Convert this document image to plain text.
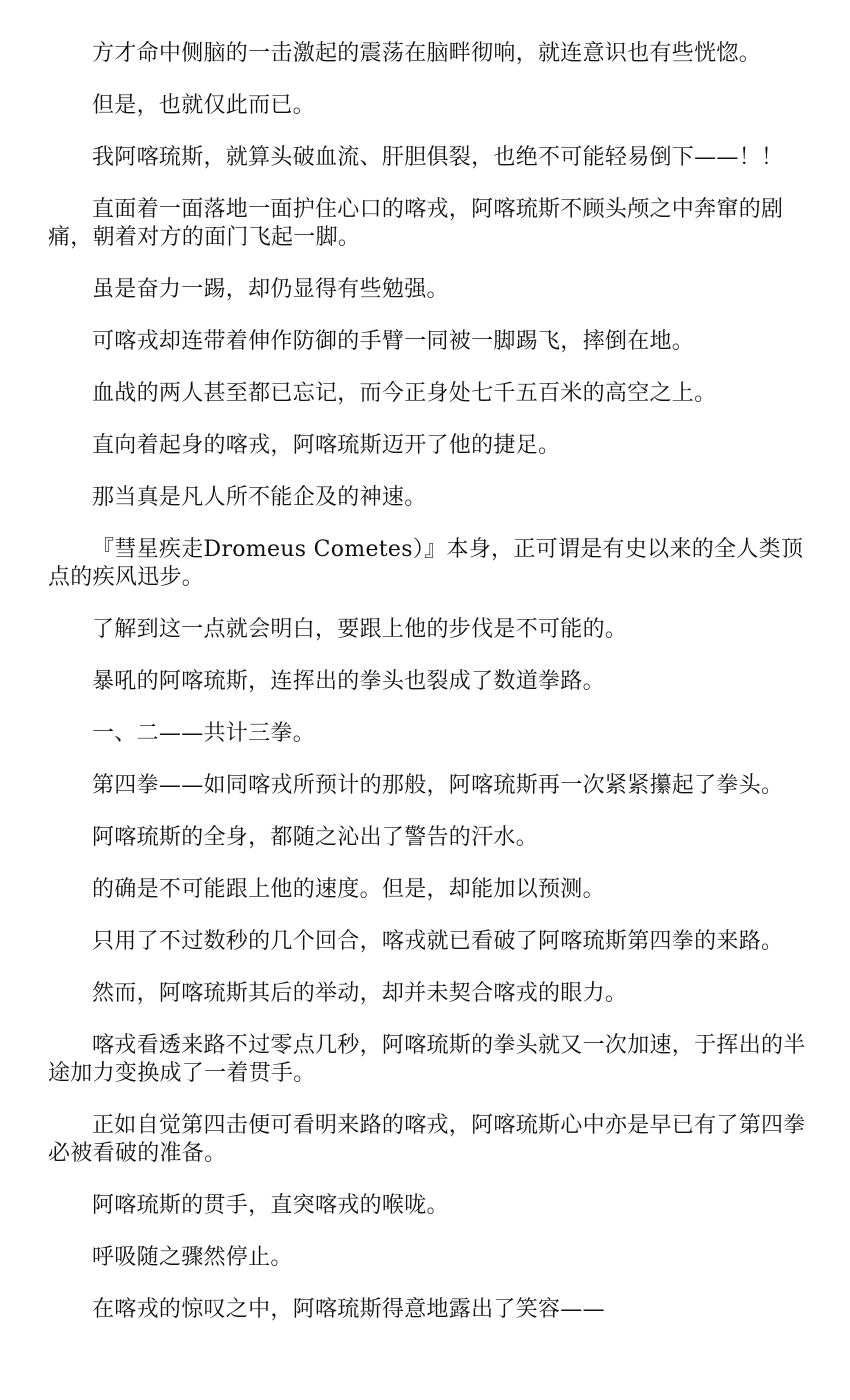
方才命中侧脑的一击激起的震荡在脑畔彻响，就连意识也有些恍惚。

但是，也就仅此而已。

我阿喀琉斯，就算头破血流、肝胆俱裂，也绝不可能轻易倒下——！！

直面着一面落地一面护住心口的喀戎，阿喀琉斯不顾头颅之中奔窜的剧痛，朝着对方的面门飞起一脚。

虽是奋力一踢，却仍显得有些勉强。

可喀戎却连带着伸作防御的手臂一同被一脚踢飞，摔倒在地。

血战的两人甚至都已忘记，而今正身处七千五百米的高空之上。

直向着起身的喀戎，阿喀琉斯迈开了他的捷足。

那当真是凡人所不能企及的神速。

『彗星疾走Dromeus Cometes）』本身，正可谓是有史以来的全人类顶点的疾风迅步。

了解到这一点就会明白，要跟上他的步伐是不可能的。

暴吼的阿喀琉斯，连挥出的拳头也裂成了数道拳路。

一、二——共计三拳。

第四拳——如同喀戎所预计的那般，阿喀琉斯再一次紧紧攥起了拳头。

阿喀琉斯的全身，都随之沁出了警告的汗水。

的确是不可能跟上他的速度。但是，却能加以预测。

只用了不过数秒的几个回合，喀戎就已看破了阿喀琉斯第四拳的来路。

然而，阿喀琉斯其后的举动，却并未契合喀戎的眼力。

喀戎看透来路不过零点几秒，阿喀琉斯的拳头就又一次加速，于挥出的半途加力变换成了一着贯手。

正如自觉第四击便可看明来路的喀戎，阿喀琉斯心中亦是早已有了第四拳必被看破的准备。

阿喀琉斯的贯手，直突喀戎的喉咙。

呼吸随之骤然停止。

在喀戎的惊叹之中，阿喀琉斯得意地露出了笑容——
